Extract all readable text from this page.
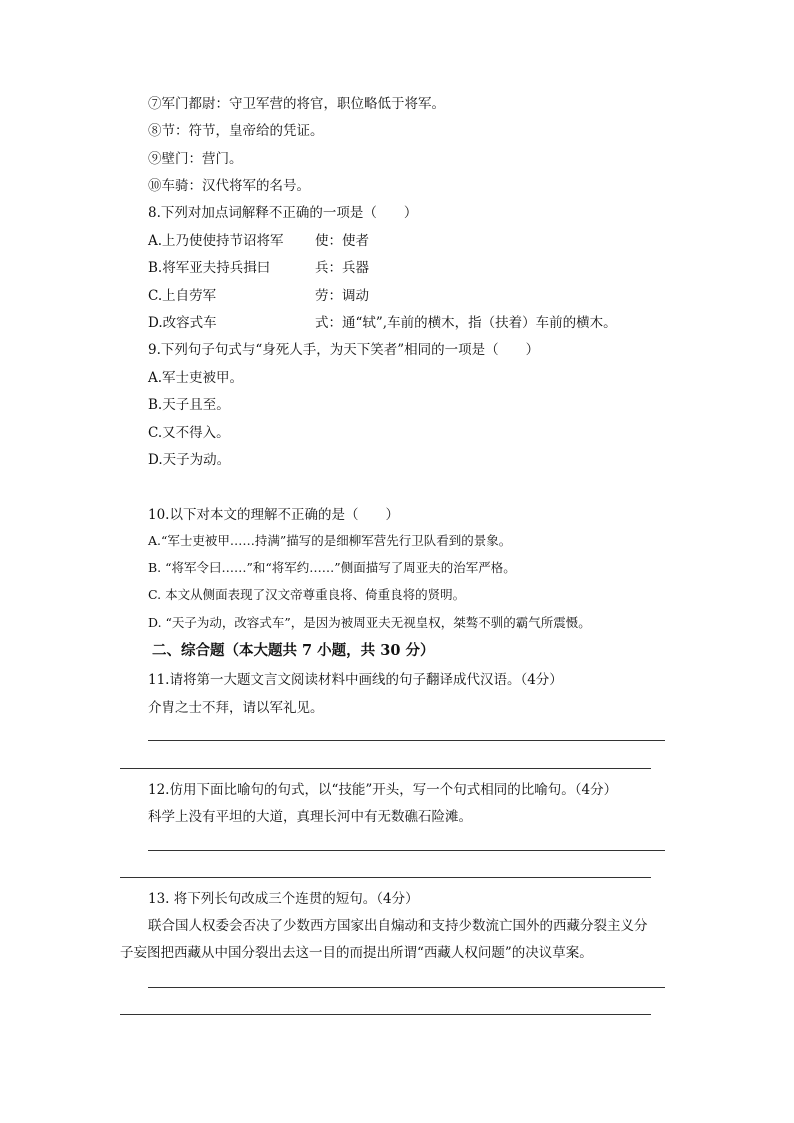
⑦军门都尉：守卫军营的将官，职位略低于将军。
⑧节：符节，皇帝给的凭证。
⑨壁门：营门。
⑩车骑：汉代将军的名号。
8.下列对加点词解释不正确的一项是（　　）
A.上乃使使持节诏将军 使：使者
B.将军亚夫持兵揖曰	兵：兵器
C.上自劳军	劳：调动
D.改容式车	式：通“轼”,车前的横木，指（扶着）车前的横木。
9.下列句子句式与“身死人手，为天下笑者”相同的一项是（　　）
A.军士吏被甲。
B.天子且至。
C.又不得入。
D.天子为动。
10.以下对本文的理解不正确的是（　　）
A.“军士吏被甲……持满”描写的是细柳军营先行卫队看到的景象。
B. “将军令曰……”和“将军约……”侧面描写了周亚夫的治军严格。
C. 本文从侧面表现了汉文帝尊重良将、倚重良将的贤明。
D. “天子为动，改容式车”，是因为被周亚夫无视皇权，桀骜不驯的霸气所震慑。
二、综合题（本大题共 7 小题，共 30 分）
11.请将第一大题文言文阅读材料中画线的句子翻译成代汉语。（4分）
介胄之士不拜，请以军礼见。
12.仿用下面比喻句的句式，以“技能”开头，写一个句式相同的比喻句。（4分）
科学上没有平坦的大道，真理长河中有无数礁石险滩。
13. 将下列长句改成三个连贯的短句。（4分）
联合国人权委会否决了少数西方国家出自煽动和支持少数流亡国外的西藏分裂主义分
子妄图把西藏从中国分裂出去这一目的而提出所谓“西藏人权问题”的决议草案。
